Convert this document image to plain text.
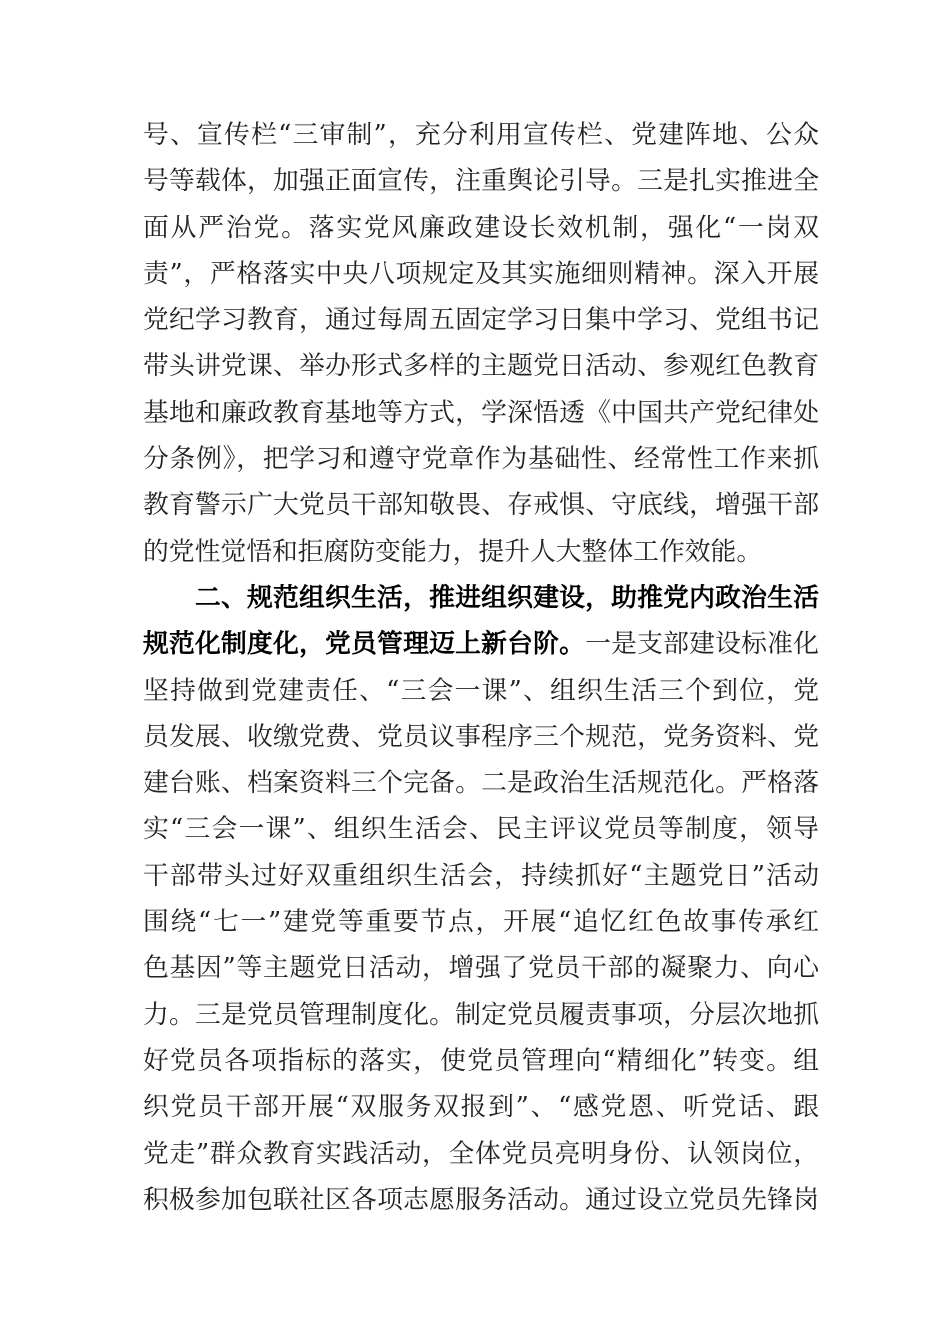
号、宣传栏“三审制”，充分利用宣传栏、党建阵地、公众
号等载体，加强正面宣传，注重舆论引导。三是扎实推进全
面从严治党。落实党风廉政建设长效机制，强化“一岗双
责”，严格落实中央八项规定及其实施细则精神。深入开展
党纪学习教育，通过每周五固定学习日集中学习、党组书记
带头讲党课、举办形式多样的主题党日活动、参观红色教育
基地和廉政教育基地等方式，学深悟透《中国共产党纪律处
分条例》，把学习和遵守党章作为基础性、经常性工作来抓
教育警示广大党员干部知敬畏、存戒惧、守底线，增强干部
的党性觉悟和拒腐防变能力，提升人大整体工作效能。
二、规范组织生活，推进组织建设，助推党内政治生活
规范化制度化，党员管理迈上新台阶。一是支部建设标准化
坚持做到党建责任、“三会一课”、组织生活三个到位，党
员发展、收缴党费、党员议事程序三个规范，党务资料、党
建台账、档案资料三个完备。二是政治生活规范化。严格落
实“三会一课”、组织生活会、民主评议党员等制度，领导
干部带头过好双重组织生活会，持续抓好“主题党日”活动
围绕“七一”建党等重要节点，开展“追忆红色故事传承红
色基因”等主题党日活动，增强了党员干部的凝聚力、向心
力。三是党员管理制度化。制定党员履责事项，分层次地抓
好党员各项指标的落实，使党员管理向“精细化”转变。组
织党员干部开展“双服务双报到”、“感党恩、听党话、跟
党走”群众教育实践活动，全体党员亮明身份、认领岗位，
积极参加包联社区各项志愿服务活动。通过设立党员先锋岗
